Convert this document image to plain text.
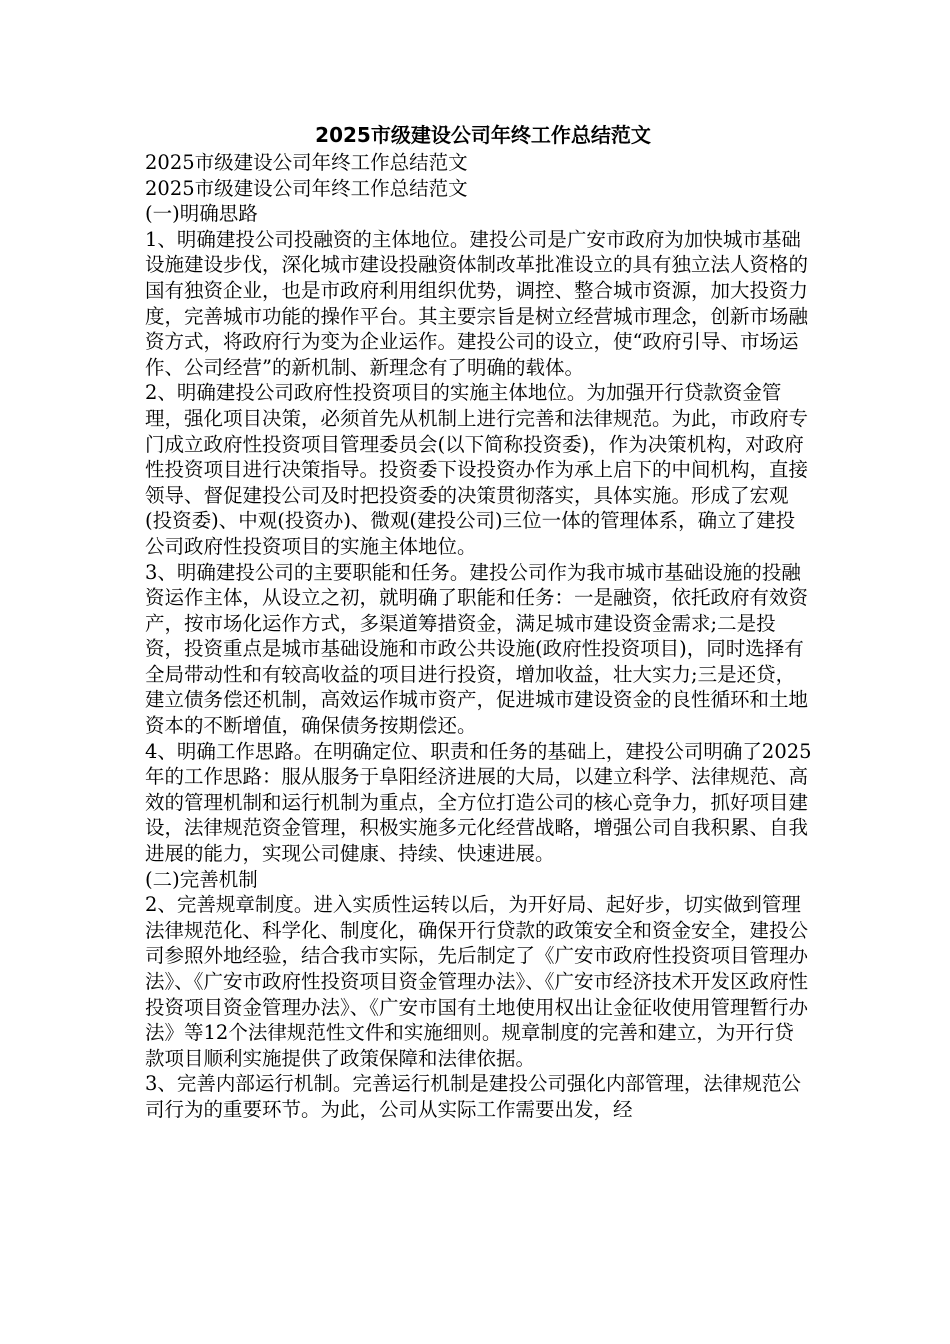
2025市级建设公司年终工作总结范文

2025市级建设公司年终工作总结范文

2025市级建设公司年终工作总结范文

(一)明确思路

1、明确建投公司投融资的主体地位。建投公司是广安市政府为加快城市基础设施建设步伐，深化城市建设投融资体制改革批准设立的具有独立法人资格的国有独资企业，也是市政府利用组织优势，调控、整合城市资源，加大投资力度，完善城市功能的操作平台。其主要宗旨是树立经营城市理念，创新市场融资方式，将政府行为变为企业运作。建投公司的设立，使“政府引导、市场运作、公司经营”的新机制、新理念有了明确的载体。

2、明确建投公司政府性投资项目的实施主体地位。为加强开行贷款资金管理，强化项目决策，必须首先从机制上进行完善和法律规范。为此，市政府专门成立政府性投资项目管理委员会(以下简称投资委)，作为决策机构，对政府性投资项目进行决策指导。投资委下设投资办作为承上启下的中间机构，直接领导、督促建投公司及时把投资委的决策贯彻落实，具体实施。形成了宏观(投资委)、中观(投资办)、微观(建投公司)三位一体的管理体系，确立了建投公司政府性投资项目的实施主体地位。

3、明确建投公司的主要职能和任务。建投公司作为我市城市基础设施的投融资运作主体，从设立之初，就明确了职能和任务：一是融资，依托政府有效资产，按市场化运作方式，多渠道筹措资金，满足城市建设资金需求;二是投资，投资重点是城市基础设施和市政公共设施(政府性投资项目)，同时选择有全局带动性和有较高收益的项目进行投资，增加收益，壮大实力;三是还贷，建立债务偿还机制，高效运作城市资产，促进城市建设资金的良性循环和土地资本的不断增值，确保债务按期偿还。

4、明确工作思路。在明确定位、职责和任务的基础上，建投公司明确了2025年的工作思路：服从服务于阜阳经济进展的大局，以建立科学、法律规范、高效的管理机制和运行机制为重点，全方位打造公司的核心竞争力，抓好项目建设，法律规范资金管理，积极实施多元化经营战略，增强公司自我积累、自我进展的能力，实现公司健康、持续、快速进展。

(二)完善机制

2、完善规章制度。进入实质性运转以后，为开好局、起好步，切实做到管理法律规范化、科学化、制度化，确保开行贷款的政策安全和资金安全，建投公司参照外地经验，结合我市实际，先后制定了《广安市政府性投资项目管理办法》、《广安市政府性投资项目资金管理办法》、《广安市经济技术开发区政府性投资项目资金管理办法》、《广安市国有土地使用权出让金征收使用管理暂行办法》等12个法律规范性文件和实施细则。规章制度的完善和建立，为开行贷款项目顺利实施提供了政策保障和法律依据。

3、完善内部运行机制。完善运行机制是建投公司强化内部管理，法律规范公司行为的重要环节。为此，公司从实际工作需要出发，经
